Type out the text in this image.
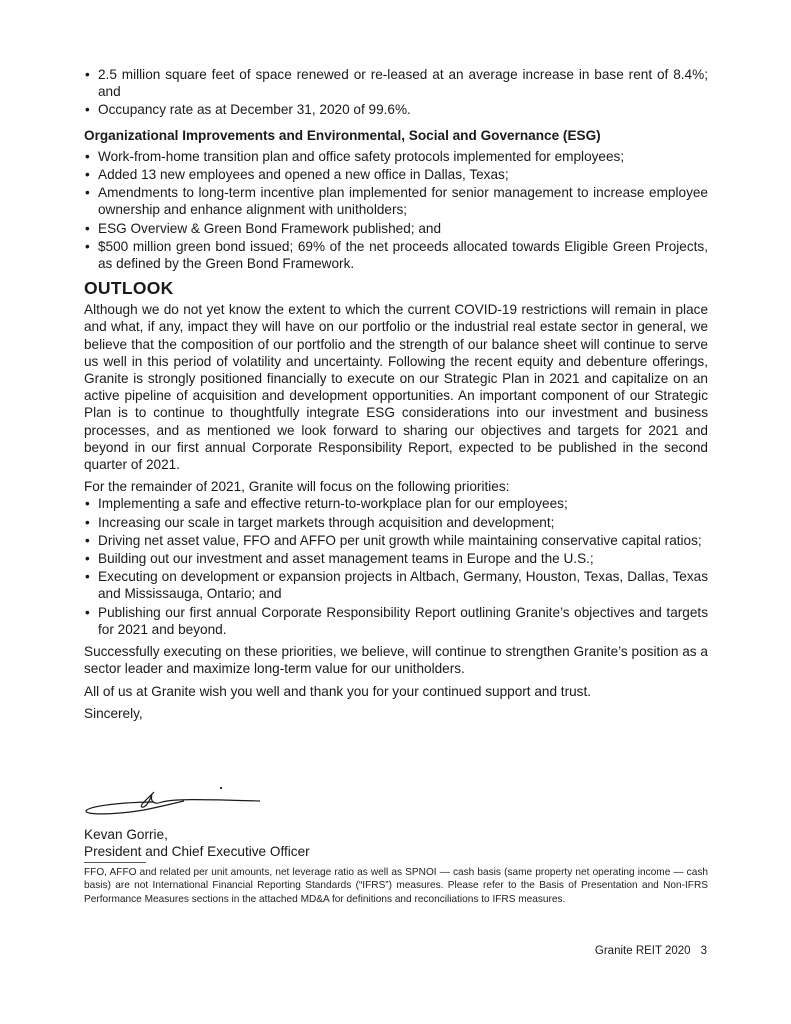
• 2.5 million square feet of space renewed or re-leased at an average increase in base rent of 8.4%; and
• Occupancy rate as at December 31, 2020 of 99.6%.
Organizational Improvements and Environmental, Social and Governance (ESG)
• Work-from-home transition plan and office safety protocols implemented for employees;
• Added 13 new employees and opened a new office in Dallas, Texas;
• Amendments to long-term incentive plan implemented for senior management to increase employee ownership and enhance alignment with unitholders;
• ESG Overview & Green Bond Framework published; and
• $500 million green bond issued; 69% of the net proceeds allocated towards Eligible Green Projects, as defined by the Green Bond Framework.
OUTLOOK

Although we do not yet know the extent to which the current COVID-19 restrictions will remain in place and what, if any, impact they will have on our portfolio or the industrial real estate sector in general, we believe that the composition of our portfolio and the strength of our balance sheet will continue to serve us well in this period of volatility and uncertainty. Following the recent equity and debenture offerings, Granite is strongly positioned financially to execute on our Strategic Plan in 2021 and capitalize on an active pipeline of acquisition and development opportunities. An important component of our Strategic Plan is to continue to thoughtfully integrate ESG considerations into our investment and business processes, and as mentioned we look forward to sharing our objectives and targets for 2021 and beyond in our first annual Corporate Responsibility Report, expected to be published in the second quarter of 2021.

For the remainder of 2021, Granite will focus on the following priorities:

• Implementing a safe and effective return-to-workplace plan for our employees;
• Increasing our scale in target markets through acquisition and development;
• Driving net asset value, FFO and AFFO per unit growth while maintaining conservative capital ratios;
• Building out our investment and asset management teams in Europe and the U.S.;
• Executing on development or expansion projects in Altbach, Germany, Houston, Texas, Dallas, Texas and Mississauga, Ontario; and
• Publishing our first annual Corporate Responsibility Report outlining Granite’s objectives and targets for 2021 and beyond.

Successfully executing on these priorities, we believe, will continue to strengthen Granite’s position as a sector leader and maximize long-term value for our unitholders.

All of us at Granite wish you well and thank you for your continued support and trust.

Sincerely,

Kevan Gorrie,
President and Chief Executive Officer
FFO, AFFO and related per unit amounts, net leverage ratio as well as SPNOI — cash basis (same property net operating income — cash basis) are not International Financial Reporting Standards (“IFRS”) measures. Please refer to the Basis of Presentation and Non-IFRS Performance Measures sections in the attached MD&A for definitions and reconciliations to IFRS measures.
Granite REIT 2020 3
